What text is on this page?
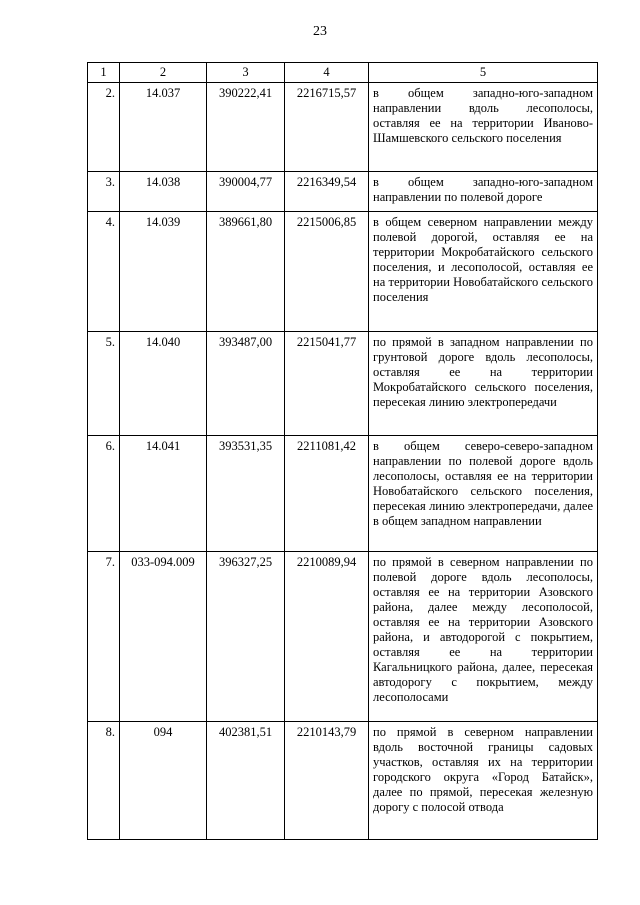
23
1	2	3	4	5
2.	14.037	390222,41	2216715,57	в общем западно-юго-западном направлении вдоль лесополосы, оставляя ее на территории Иваново-Шамшевского сельского поселения
3.	14.038	390004,77	2216349,54	в общем западно-юго-западном направлении по полевой дороге
4.	14.039	389661,80	2215006,85	в общем северном направлении между полевой дорогой, оставляя ее на территории Мокробатайского сельского поселения, и лесополосой, оставляя ее на территории Новобатайского сельского поселения
5.	14.040	393487,00	2215041,77	по прямой в западном направлении по грунтовой дороге вдоль лесополосы, оставляя ее на территории Мокробатайского сельского поселения, пересекая линию электропередачи
6.	14.041	393531,35	2211081,42	в общем северо-северо-западном направлении по полевой дороге вдоль лесополосы, оставляя ее на территории Новобатайского сельского поселения, пересекая линию электропередачи, далее в общем западном направлении
7.	033-094.009	396327,25	2210089,94	по прямой в северном направлении по полевой дороге вдоль лесополосы, оставляя ее на территории Азовского района, далее между лесополосой, оставляя ее на территории Азовского района, и автодорогой с покрытием, оставляя ее на территории Кагальницкого района, далее, пересекая автодорогу с покрытием, между лесополосами
8.	094	402381,51	2210143,79	по прямой в северном направлении вдоль восточной границы садовых участков, оставляя их на территории городского округа «Город Батайск», далее по прямой, пересекая железную дорогу с полосой отвода
